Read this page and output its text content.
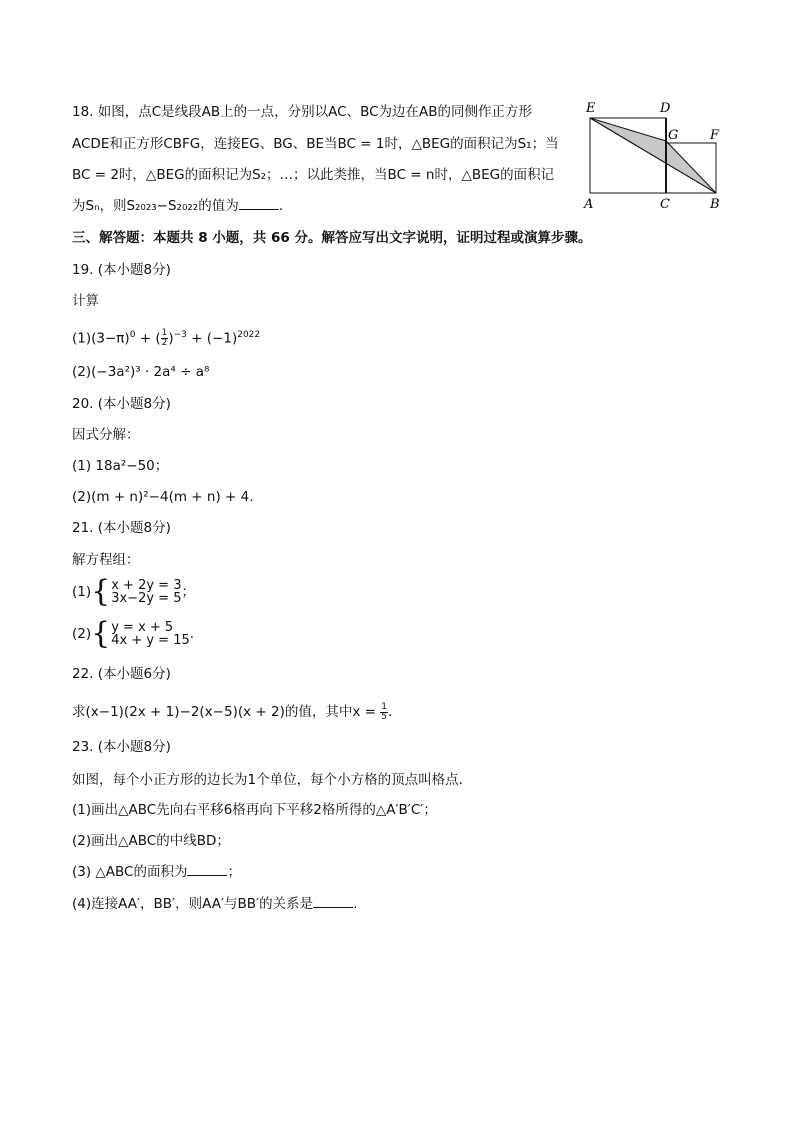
18. 如图，点C是线段AB上的一点，分别以AC、BC为边在AB的同侧作正方形
ACDE和正方形CBFG，连接EG、BG、BE当BC = 1时，△BEG的面积记为S₁；当
BC = 2时，△BEG的面积记为S₂；…；以此类推，当BC = n时，△BEG的面积记
为Sₙ，则S₂₀₂₃−S₂₀₂₂的值为	.
E	D
G F
A	C	B
三、解答题：本题共 8 小题，共 66 分。解答应写出文字说明，证明过程或演算步骤。
19. (本小题8分)
计算
$(1)(3-\pi)^0$ + ( $\frac{1}{2} )^{-3} + (-1)^{2022}$
(2)(−3a²)³ · 2a⁴ ÷ a⁸
20. (本小题8分)
因式分解：
(1) 18a²−50；
(2)(m + n)²−4(m + n) + 4.
21. (本小题8分)
解方程组：
(1) { x + 2y = 3
3x−2y = 5 ；
(2) { y = x + 5
4x + y = 15 .
22. (本小题6分)
求(x−1)(2x + 1)−2(x−5)(x + 2)的值，其中$x = \frac{1}{5}$ .
23. (本小题8分)
如图，每个小正方形的边长为1个单位，每个小方格的顶点叫格点．
(1)画出△ABC先向右平移6格再向下平移2格所得的△A′B′C′；
(2)画出△ABC的中线BD；
(3) △ABC的面积为	；
(4)连接AA′，BB′，则AA′与BB′的关系是	.
